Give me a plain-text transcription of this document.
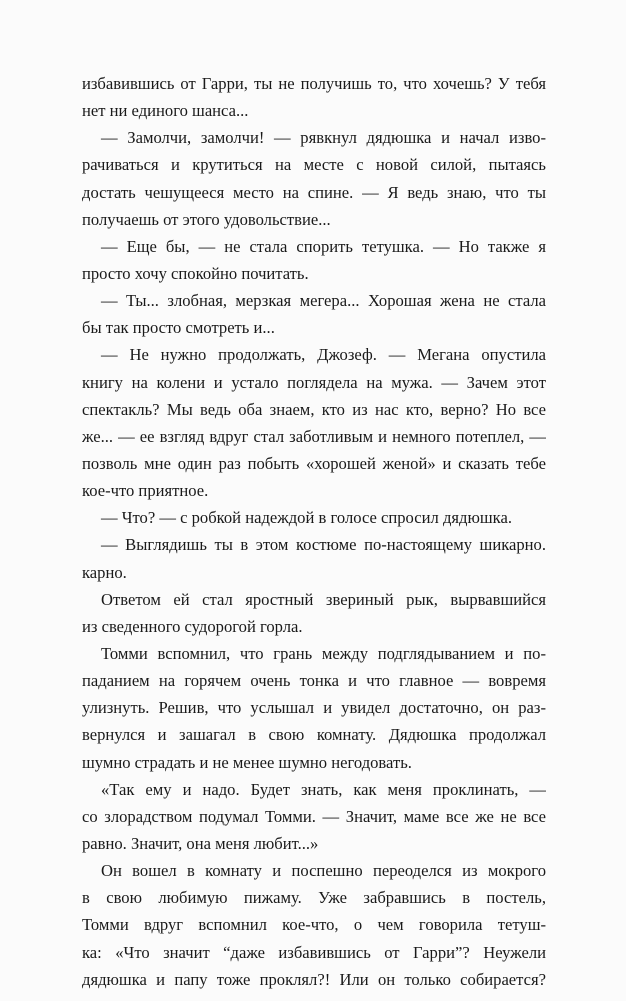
избавившись от Гарри, ты не получишь то, что хочешь? У тебя
нет ни единого шанса...
— Замолчи, замолчи! — рявкнул дядюшка и начал изво-
рачиваться и крутиться на месте с новой силой, пытаясь
достать чешущееся место на спине. — Я ведь знаю, что ты
получаешь от этого удовольствие...
— Еще бы, — не стала спорить тетушка. — Но также я
просто хочу спокойно почитать.
— Ты... злобная, мерзкая мегера... Хорошая жена не стала
бы так просто смотреть и...
— Не нужно продолжать, Джозеф. — Мегана опустила
книгу на колени и устало поглядела на мужа. — Зачем этот
спектакль? Мы ведь оба знаем, кто из нас кто, верно? Но все
же... — ее взгляд вдруг стал заботливым и немного потеплел, —
позволь мне один раз побыть «хорошей женой» и сказать тебе
кое-что приятное.
— Что? — с робкой надеждой в голосе спросил дядюшка.
— Выглядишь ты в этом костюме по-настоящему шикарно.
карно.
Ответом ей стал яростный звериный рык, вырвавшийся
из сведенного судорогой горла.
Томми вспомнил, что грань между подглядыванием и по-
паданием на горячем очень тонка и что главное — вовремя
улизнуть. Решив, что услышал и увидел достаточно, он раз-
вернулся и зашагал в свою комнату. Дядюшка продолжал
шумно страдать и не менее шумно негодовать.
«Так ему и надо. Будет знать, как меня проклинать, —
со злорадством подумал Томми. — Значит, маме все же не все
равно. Значит, она меня любит...»
Он вошел в комнату и поспешно переоделся из мокрого
в свою любимую пижаму. Уже забравшись в постель,
Томми вдруг вспомнил кое-что, о чем говорила тетуш-
ка: «Что значит “даже избавившись от Гарри”? Неужели
дядюшка и папу тоже проклял?! Или он только собирается?
